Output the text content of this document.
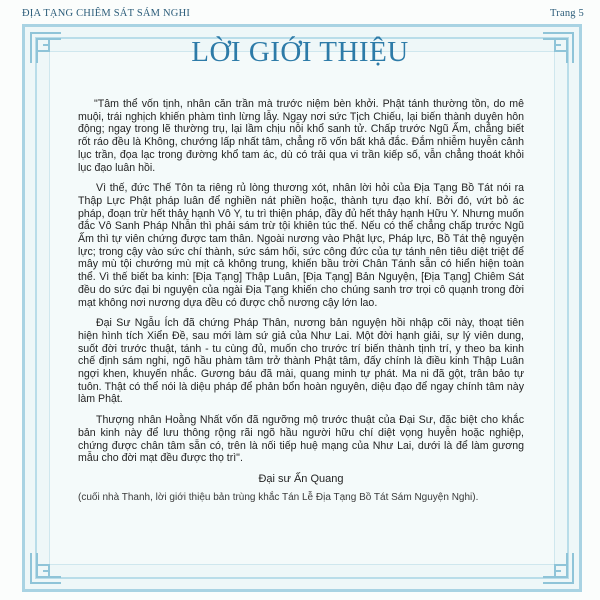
ĐỊA TẠNG CHIÊM SÁT SÁM NGHI	Trang 5
LỜI GIỚI THIỆU

"Tâm thể vốn tịnh, nhân căn trần mà trước niệm bèn khởi. Phật tánh thường tồn, do mê muội, trái nghịch khiến phàm tình lừng lẫy. Ngay nơi sức Tịch Chiếu, lại biến thành duyên hôn động; ngay trong lẽ thường trụ, lại lầm chịu nỗi khổ sanh tử. Chấp trước Ngũ Ấm, chẳng biết rốt ráo đều là Không, chướng lấp nhất tâm, chẳng rõ vốn bất khả đắc. Đắm nhiễm huyễn cảnh lục trần, đọa lạc trong đường khổ tam ác, dù có trải qua vi trần kiếp số, vẫn chẳng thoát khỏi lục đạo luân hồi.

Vì thế, đức Thế Tôn ta riêng rủ lòng thương xót, nhân lời hỏi của Địa Tạng Bồ Tát nói ra Thập Lực Phật pháp luân để nghiền nát phiền hoặc, thành tựu đạo khí. Bởi đó, vứt bỏ ác pháp, đoạn trừ hết thảy hạnh Vô Y, tu trì thiện pháp, đầy đủ hết thảy hạnh Hữu Y. Nhưng muốn đắc Vô Sanh Pháp Nhẫn thì phải sám trừ tội khiên túc thế. Nếu có thể chẳng chấp trước Ngũ Ấm thì tự viên chứng được tam thân. Ngoài nương vào Phật lực, Pháp lực, Bồ Tát thệ nguyện lực; trong cậy vào sức chí thành, sức sám hối, sức công đức của tự tánh nên tiêu diệt triệt để mây mù tội chướng mù mịt cả không trung, khiến bầu trời Chân Tánh sẵn có hiển hiện toàn thể. Vì thế biết ba kinh: [Địa Tạng] Thập Luân, [Địa Tạng] Bản Nguyện, [Địa Tạng] Chiêm Sát đều do sức đại bi nguyện của ngài Địa Tạng khiến cho chúng sanh trơ trọi cô quạnh trong đời mạt không nơi nương dựa đều có được chỗ nương cậy lớn lao.

Đại Sư Ngẫu Ích đã chứng Pháp Thân, nương bản nguyện hồi nhập cõi này, thoạt tiên hiện hình tích Xiển Đề, sau mới làm sứ giả của Như Lai. Một đời hạnh giải, sự lý viên dung, suốt đời trước thuật, tánh - tu cùng đủ, muốn cho trước trí biến thành tịnh trí, y theo ba kinh chế định sám nghi, ngõ hầu phàm tâm trở thành Phật tâm, đấy chính là điều kinh Thập Luân ngợi khen, khuyến nhắc. Gương báu đã mài, quang minh tự phát. Ma ni đã gột, trân bảo tự tuôn. Thật có thể nói là diệu pháp để phản bổn hoàn nguyên, diệu đạo để ngay chính tâm này làm Phật.

Thượng nhân Hoằng Nhất vốn đã ngưỡng mộ trước thuật của Đại Sư, đặc biệt cho khắc bản kinh này để lưu thông rộng rãi ngõ hầu người hữu chí diệt vọng huyễn hoặc nghiệp, chứng được chân tâm sẵn có, trên là nối tiếp huệ mạng của Như Lai, dưới là để làm gương mẫu cho đời mạt đều được thọ trì".

Đại sư Ấn Quang
(cuối nhà Thanh, lời giới thiệu bản trùng khắc Tán Lễ Địa Tạng Bồ Tát Sám Nguyện Nghi).
